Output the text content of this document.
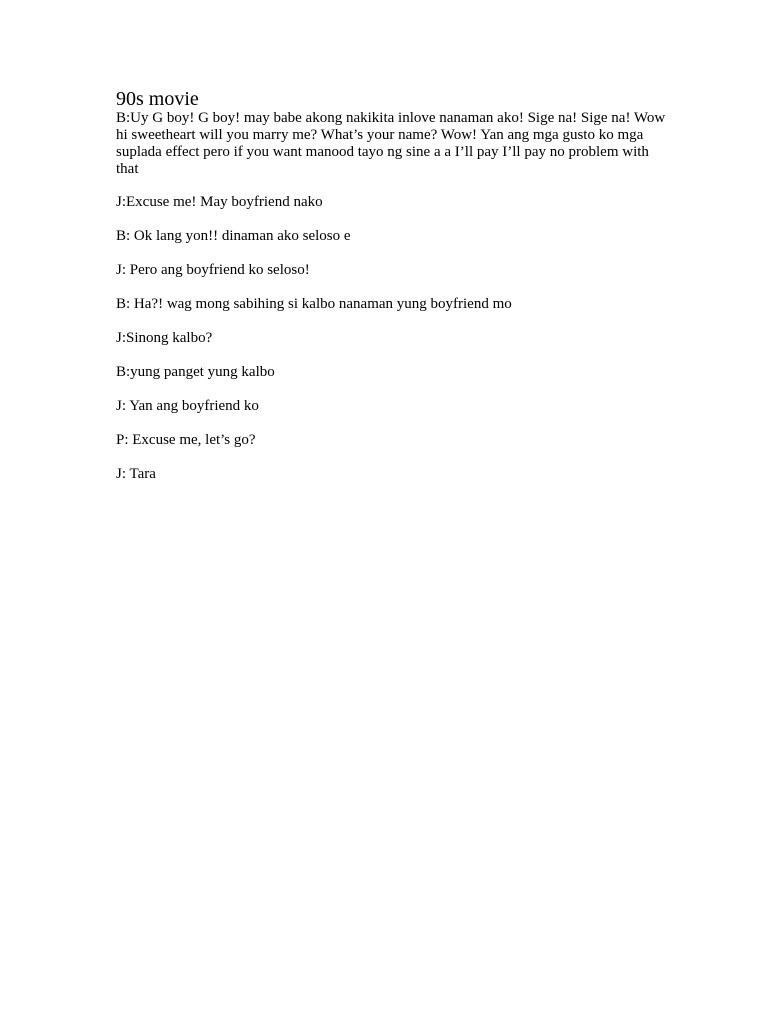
90s movie

B:Uy G boy! G boy! may babe akong nakikita inlove nanaman ako! Sige na! Sige na! Wow hi sweetheart will you marry me? What’s your name? Wow! Yan ang mga gusto ko mga suplada effect pero if you want manood tayo ng sine a a I’ll pay I’ll pay no problem with that

J:Excuse me! May boyfriend nako

B: Ok lang yon!! dinaman ako seloso e

J: Pero ang boyfriend ko seloso!

B: Ha?! wag mong sabihing si kalbo nanaman yung boyfriend mo

J:Sinong kalbo?

B:yung panget yung kalbo

J: Yan ang boyfriend ko

P: Excuse me, let’s go?

J: Tara
